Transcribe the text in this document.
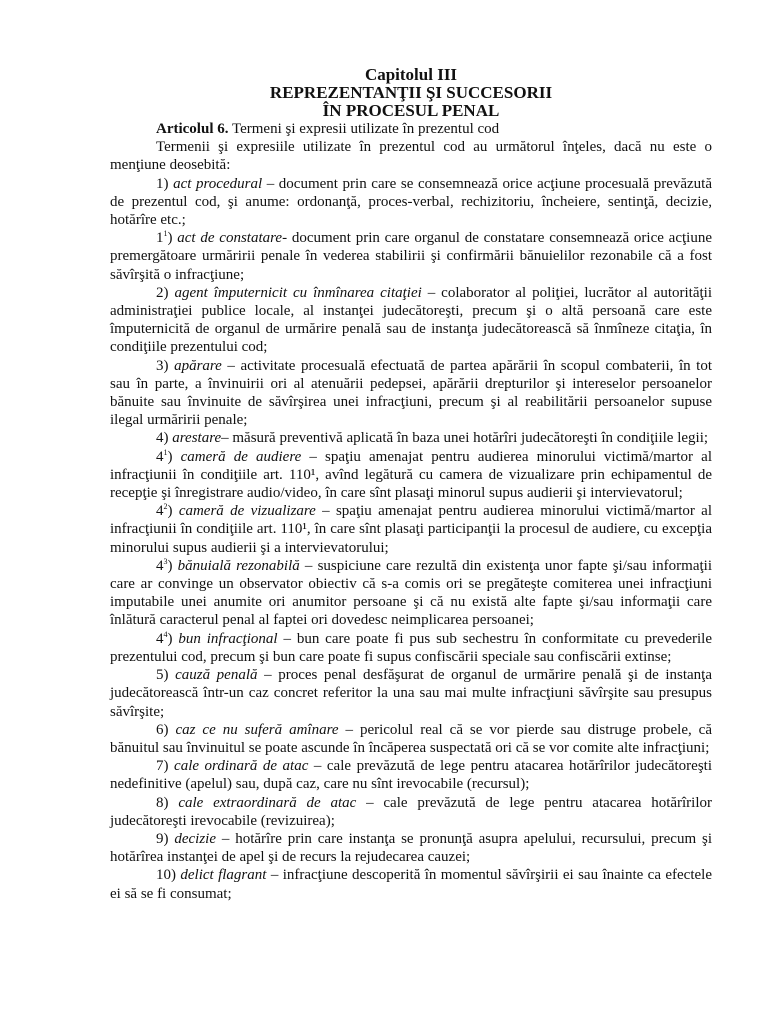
Capitolul III
REPREZENTANŢII ŞI SUCCESORII
ÎN PROCESUL PENAL

Articolul 6. Termeni şi expresii utilizate în prezentul cod

Termenii şi expresiile utilizate în prezentul cod au următorul înţeles, dacă nu este o menţiune deosebită:

1) act procedural – document prin care se consemnează orice acţiune procesuală prevăzută de prezentul cod, şi anume: ordonanţă, proces-verbal, rechizitoriu, încheiere, sentinţă, decizie, hotărîre etc.;

$1^1$) act de constatare- document prin care organul de constatare consemnează orice acţiune premergătoare urmăririi penale în vederea stabilirii şi confirmării bănuielilor rezonabile că a fost săvîrşită o infracţiune;

2) agent împuternicit cu înmînarea citaţiei – colaborator al poliţiei, lucrător al autorităţii administraţiei publice locale, al instanţei judecătoreşti, precum şi o altă persoană care este împuternicită de organul de urmărire penală sau de instanţa judecătorească să înmîneze citaţia, în condiţiile prezentului cod;

3) apărare – activitate procesuală efectuată de partea apărării în scopul combaterii, în tot sau în parte, a învinuirii ori al atenuării pedepsei, apărării drepturilor şi intereselor persoanelor bănuite sau învinuite de săvîrşirea unei infracţiuni, precum şi al reabilitării persoanelor supuse ilegal urmăririi penale;

4) arestare– măsură preventivă aplicată în baza unei hotărîri judecătoreşti în condiţiile legii;

$4^1$) cameră de audiere – spaţiu amenajat pentru audierea minorului victimă/martor al infracţiunii în condiţiile art. 110¹, avînd legătură cu camera de vizualizare prin echipamentul de recepţie şi înregistrare audio/video, în care sînt plasaţi minorul supus audierii şi intervievatorul;

$4^2$) cameră de vizualizare – spaţiu amenajat pentru audierea minorului victimă/martor al infracţiunii în condiţiile art. 110¹, în care sînt plasaţi participanţii la procesul de audiere, cu excepţia minorului supus audierii şi a intervievatorului;

$4^3$) bănuială rezonabilă – suspiciune care rezultă din existenţa unor fapte şi/sau informaţii care ar convinge un observator obiectiv că s-a comis ori se pregăteşte comiterea unei infracţiuni imputabile unei anumite ori anumitor persoane şi că nu există alte fapte şi/sau informaţii care înlătură caracterul penal al faptei ori dovedesc neimplicarea persoanei;

$4^4$) bun infracţional – bun care poate fi pus sub sechestru în conformitate cu prevederile prezentului cod, precum şi bun care poate fi supus confiscării speciale sau confiscării extinse;

5) cauză penală – proces penal desfăşurat de organul de urmărire penală şi de instanţa judecătorească într-un caz concret referitor la una sau mai multe infracţiuni săvîrşite sau presupus săvîrşite;

6) caz ce nu suferă amînare – pericolul real că se vor pierde sau distruge probele, că bănuitul sau învinuitul se poate ascunde în încăperea suspectată ori că se vor comite alte infracţiuni;

7) cale ordinară de atac – cale prevăzută de lege pentru atacarea hotărîrilor judecătoreşti nedefinitive (apelul) sau, după caz, care nu sînt irevocabile (recursul);

8) cale extraordinară de atac – cale prevăzută de lege pentru atacarea hotărîrilor judecătoreşti irevocabile (revizuirea);

9) decizie – hotărîre prin care instanţa se pronunţă asupra apelului, recursului, precum şi hotărîrea instanţei de apel şi de recurs la rejudecarea cauzei;

10) delict flagrant – infracţiune descoperită în momentul săvîrşirii ei sau înainte ca efectele ei să se fi consumat;
